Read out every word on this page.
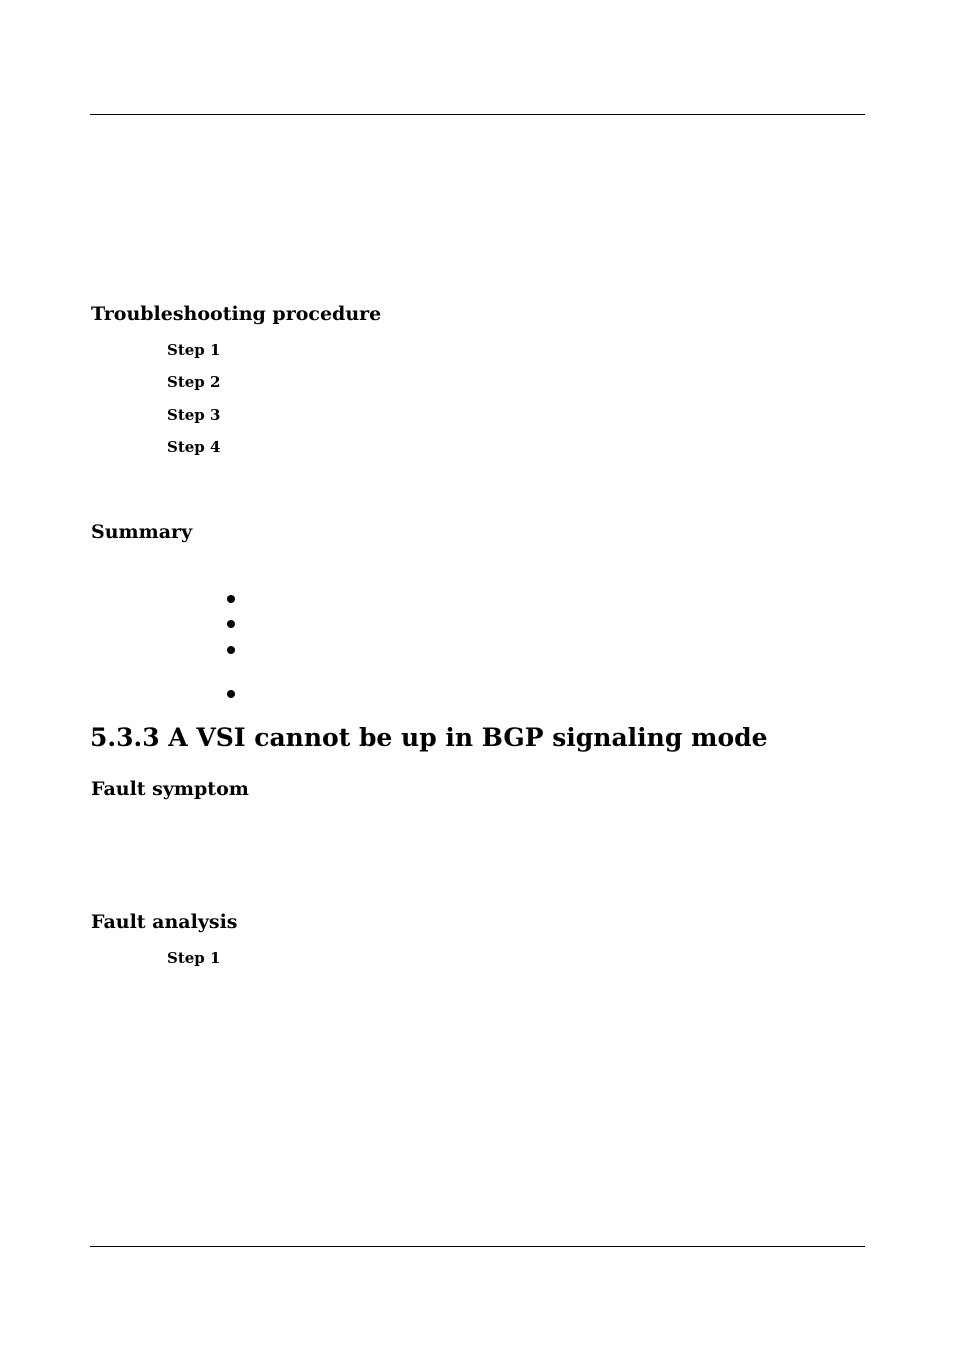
Troubleshooting procedure
Step 1
Step 2
Step 3
Step 4
Summary
5.3.3 A VSI cannot be up in BGP signaling mode
Fault symptom
Fault analysis
Step 1
